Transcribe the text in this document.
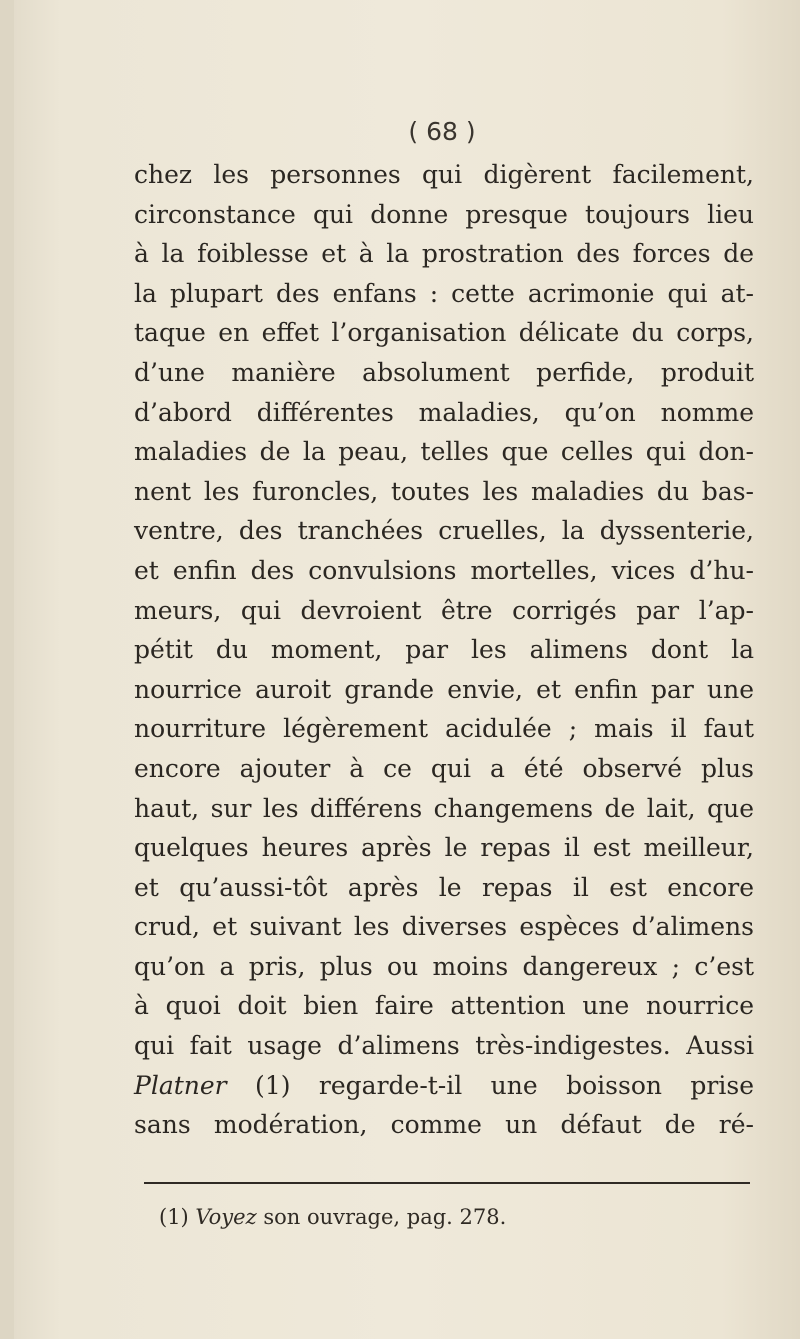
( 68 )
chez les personnes qui digèrent facilement,
circonstance qui donne presque toujours lieu
à la foiblesse et à la prostration des forces de
la plupart des enfans : cette acrimonie qui at-
taque en effet l’organisation délicate du corps,
d’une manière absolument perfide, produit
d’abord différentes maladies, qu’on nomme
maladies de la peau, telles que celles qui don-
nent les furoncles, toutes les maladies du bas-
ventre, des tranchées cruelles, la dyssenterie,
et enfin des convulsions mortelles, vices d’hu-
meurs, qui devroient être corrigés par l’ap-
pétit du moment, par les alimens dont la
nourrice auroit grande envie, et enfin par une
nourriture légèrement acidulée ; mais il faut
encore ajouter à ce qui a été observé plus
haut, sur les différens changemens de lait, que
quelques heures après le repas il est meilleur,
et qu’aussi-tôt après le repas il est encore
crud, et suivant les diverses espèces d’alimens
qu’on a pris, plus ou moins dangereux ; c’est
à quoi doit bien faire attention une nourrice
qui fait usage d’alimens très-indigestes. Aussi
Platner (1) regarde-t-il une boisson prise
sans modération, comme un défaut de ré-
(1) Voyez son ouvrage, pag. 278.
